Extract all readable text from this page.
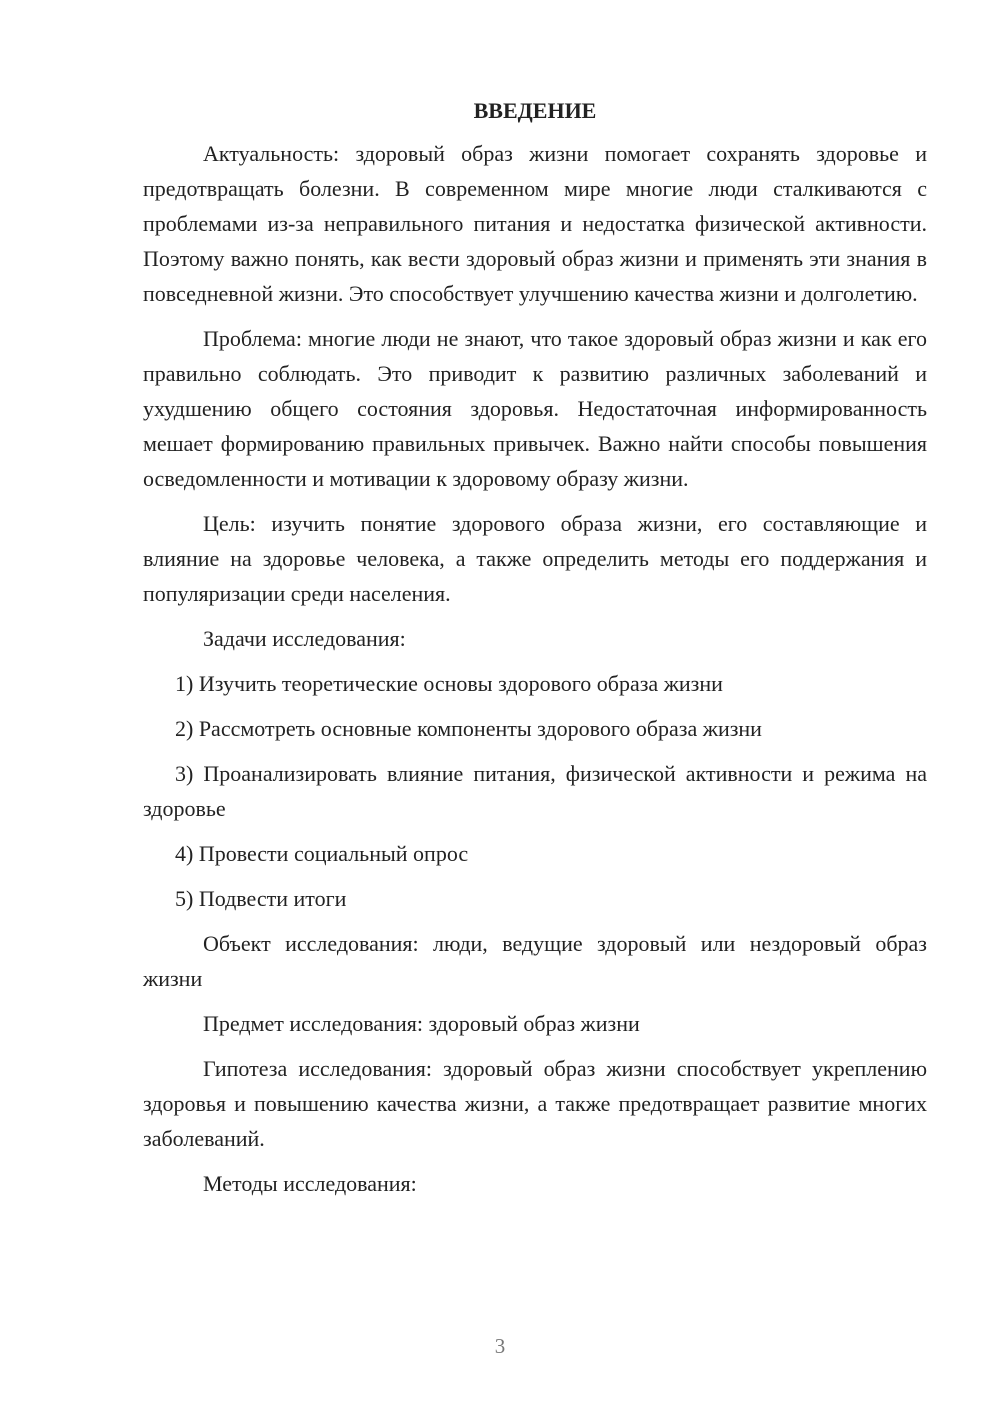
ВВЕДЕНИЕ

Актуальность: здоровый образ жизни помогает сохранять здоровье и предотвращать болезни. В современном мире многие люди сталкиваются с проблемами из-за неправильного питания и недостатка физической активности. Поэтому важно понять, как вести здоровый образ жизни и применять эти знания в повседневной жизни. Это способствует улучшению качества жизни и долголетию.

Проблема: многие люди не знают, что такое здоровый образ жизни и как его правильно соблюдать. Это приводит к развитию различных заболеваний и ухудшению общего состояния здоровья. Недостаточная информированность мешает формированию правильных привычек. Важно найти способы повышения осведомленности и мотивации к здоровому образу жизни.

Цель: изучить понятие здорового образа жизни, его составляющие и влияние на здоровье человека, а также определить методы его поддержания и популяризации среди населения.

Задачи исследования:

1) Изучить теоретические основы здорового образа жизни

2) Рассмотреть основные компоненты здорового образа жизни

3) Проанализировать влияние питания, физической активности и режима на здоровье

4) Провести социальный опрос

5) Подвести итоги

Объект исследования: люди, ведущие здоровый или нездоровый образ жизни

Предмет исследования: здоровый образ жизни

Гипотеза исследования: здоровый образ жизни способствует укреплению здоровья и повышению качества жизни, а также предотвращает развитие многих заболеваний.

Методы исследования:

3
